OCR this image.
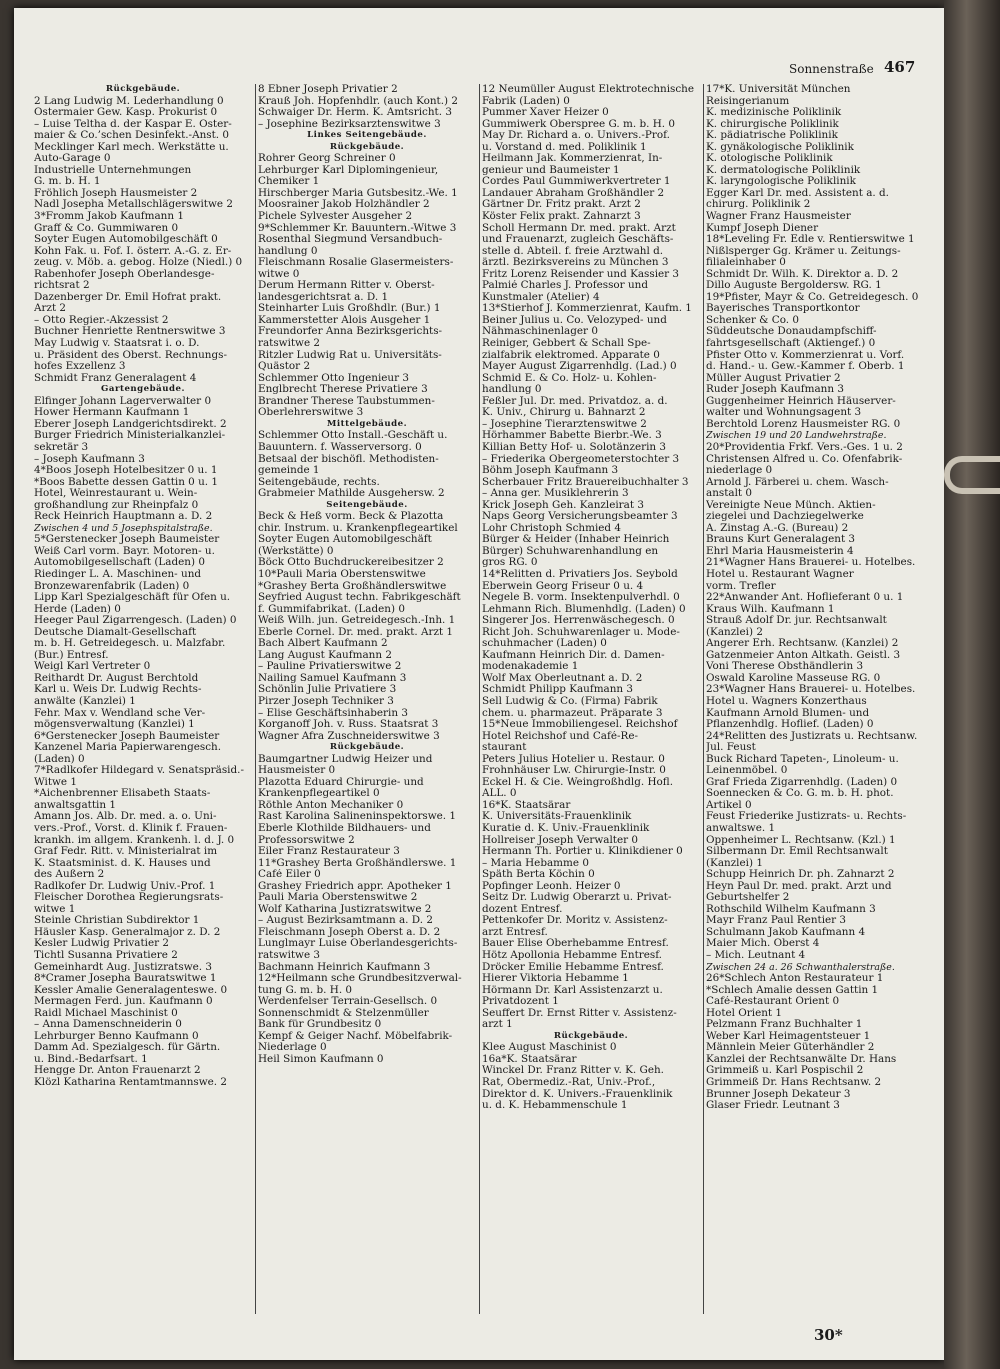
Sonnenstraße 467
Rückgebäude.
2 Lang Ludwig M. Lederhandlung 0
Ostermaier Gew. Kasp. Prokurist 0
– Luise Teltha d. der Kaspar E. Oster-
maier & Co.’schen Desinfekt.-Anst. 0
Mecklinger Karl mech. Werkstätte u.
Auto-Garage 0
Industrielle Unternehmungen
G. m. b. H. 1
Fröhlich Joseph Hausmeister 2
Nadl Josepha Metallschlägerswitwe 2
3*Fromm Jakob Kaufmann 1
Graff & Co. Gummiwaren 0
Soyter Eugen Automobilgeschäft 0
Kohn Fak. u. Fof. I. österr. A.-G. z. Er-
zeug. v. Möb. a. gebog. Holze (Niedl.) 0
Rabenhofer Joseph Oberlandesge-
richtsrat 2
Dazenberger Dr. Emil Hofrat prakt.
Arzt 2
– Otto Regier.-Akzessist 2
Buchner Henriette Rentnerswitwe 3
May Ludwig v. Staatsrat i. o. D.
u. Präsident des Oberst. Rechnungs-
hofes Exzellenz 3
Schmidt Franz Generalagent 4
Gartengebäude.
Elfinger Johann Lagerverwalter 0
Hower Hermann Kaufmann 1
Eberer Joseph Landgerichtsdirekt. 2
Burger Friedrich Ministerialkanzlei-
sekretär 3
– Joseph Kaufmann 3
4*Boos Joseph Hotelbesitzer 0 u. 1
*Boos Babette dessen Gattin 0 u. 1
Hotel, Weinrestaurant u. Wein-
großhandlung zur Rheinpfalz 0
Reck Heinrich Hauptmann a. D. 2
Zwischen 4 und 5 Josephspitalstraße.
5*Gerstenecker Joseph Baumeister
Weiß Carl vorm. Bayr. Motoren- u.
Automobilgesellschaft (Laden) 0
Riedinger L. A. Maschinen- und
Bronzewarenfabrik (Laden) 0
Lipp Karl Spezialgeschäft für Öfen u.
Herde (Laden) 0
Heeger Paul Zigarrengesch. (Laden) 0
Deutsche Diamalt-Gesellschaft
m. b. H. Getreidegesch. u. Malzfabr.
(Bur.) Entresf.
Weigl Karl Vertreter 0
Reithardt Dr. August Berchtold
Karl u. Weis Dr. Ludwig Rechts-
anwälte (Kanzlei) 1
Fehr. Max v. Wendland sche Ver-
mögensverwaltung (Kanzlei) 1
6*Gerstenecker Joseph Baumeister
Kanzenel Maria Papierwarengesch.
(Laden) 0
7*Radlkofer Hildegard v. Senatspräsid.-
Witwe 1
*Aichenbrenner Elisabeth Staats-
anwaltsgattin 1
Amann Jos. Alb. Dr. med. a. o. Uni-
vers.-Prof., Vorst. d. Klinik f. Frauen-
krankh. im allgem. Krankenh. l. d. J. 0
Graf Fedr. Ritt. v. Ministerialrat im
K. Staatsminist. d. K. Hauses und
des Äußern 2
Radlkofer Dr. Ludwig Univ.-Prof. 1
Fleischer Dorothea Regierungsrats-
witwe 1
Steinle Christian Subdirektor 1
Häusler Kasp. Generalmajor z. D. 2
Kesler Ludwig Privatier 2
Tichtl Susanna Privatiere 2
Gemeinhardt Aug. Justizratswe. 3
8*Cramer Josepha Bauratswitwe 1
Kessler Amalie Generalagenteswe. 0
Mermagen Ferd. jun. Kaufmann 0
Raidl Michael Maschinist 0
– Anna Damenschneiderin 0
Lehrburger Benno Kaufmann 0
Damm Ad. Spezialgesch. für Gärtn.
u. Bind.-Bedarfsart. 1
Hengge Dr. Anton Frauenarzt 2
Klözl Katharina Rentamtmannswe. 2
8 Ebner Joseph Privatier 2
Krauß Joh. Hopfenhdlr. (auch Kont.) 2
Schwaiger Dr. Herm. K. Amtsricht. 3
– Josephine Bezirksarztenswitwe 3
Linkes Seitengebäude.
Rückgebäude.
Rohrer Georg Schreiner 0
Lehrburger Karl Diplomingenieur,
Chemiker 1
Hirschberger Maria Gutsbesitz.-We. 1
Moosrainer Jakob Holzhändler 2
Pichele Sylvester Ausgeher 2
9*Schlemmer Kr. Bauuntern.-Witwe 3
Rosenthal Siegmund Versandbuch-
handlung 0
Fleischmann Rosalie Glasermeisters-
witwe 0
Derum Hermann Ritter v. Oberst-
landesgerichtsrat a. D. 1
Steinharter Luis Großhdlr. (Bur.) 1
Kammerstetter Alois Ausgeher 1
Freundorfer Anna Bezirksgerichts-
ratswitwe 2
Ritzler Ludwig Rat u. Universitäts-
Quästor 2
Schlemmer Otto Ingenieur 3
Englbrecht Therese Privatiere 3
Brandner Therese Taubstummen-
Oberlehrerswitwe 3
Mittelgebäude.
Schlemmer Otto Install.-Geschäft u.
Bauuntern. f. Wasserversorg. 0
Betsaal der bischöfl. Methodisten-
gemeinde 1
Seitengebäude, rechts.
Grabmeier Mathilde Ausgehersw. 2
Seitengebäude.
Beck & Heß vorm. Beck & Plazotta
chir. Instrum. u. Krankenpflegeartikel
Soyter Eugen Automobilgeschäft
(Werkstätte) 0
Böck Otto Buchdruckereibesitzer 2
10*Pauli Maria Oberstenswitwe
*Grashey Berta Großhändlerswitwe
Seyfried August techn. Fabrikgeschäft
f. Gummifabrikat. (Laden) 0
Weiß Wilh. jun. Getreidegesch.-Inh. 1
Eberle Cornel. Dr. med. prakt. Arzt 1
Bach Albert Kaufmann 2
Lang August Kaufmann 2
– Pauline Privatierswitwe 2
Nailing Samuel Kaufmann 3
Schönlin Julie Privatiere 3
Pirzer Joseph Techniker 3
– Elise Geschäftsinhaberin 3
Korganoff Joh. v. Russ. Staatsrat 3
Wagner Afra Zuschneiderswitwe 3
Rückgebäude.
Baumgartner Ludwig Heizer und
Hausmeister 0
Plazotta Eduard Chirurgie- und
Krankenpflegeartikel 0
Röthle Anton Mechaniker 0
Rast Karolina Salineninspektorswe. 1
Eberle Klothilde Bildhauers- und
Professorswitwe 2
Eiler Franz Restaurateur 3
11*Grashey Berta Großhändlerswe. 1
Café Eiler 0
Grashey Friedrich appr. Apotheker 1
Pauli Maria Oberstenswitwe 2
Wolf Katharina Justizratswitwe 2
– August Bezirksamtmann a. D. 2
Fleischmann Joseph Oberst a. D. 2
Lunglmayr Luise Oberlandesgerichts-
ratswitwe 3
Bachmann Heinrich Kaufmann 3
12*Heilmann sche Grundbesitzverwal-
tung G. m. b. H. 0
Werdenfelser Terrain-Gesellsch. 0
Sonnenschmidt & Stelzenmüller
Bank für Grundbesitz 0
Kempf & Geiger Nachf. Möbelfabrik-
Niederlage 0
Heil Simon Kaufmann 0
12 Neumüller August Elektrotechnische
Fabrik (Laden) 0
Pummer Xaver Heizer 0
Gummiwerk Oberspree G. m. b. H. 0
May Dr. Richard a. o. Univers.-Prof.
u. Vorstand d. med. Poliklinik 1
Heilmann Jak. Kommerzienrat, In-
genieur und Baumeister 1
Cordes Paul Gummiwerkvertreter 1
Landauer Abraham Großhändler 2
Gärtner Dr. Fritz prakt. Arzt 2
Köster Felix prakt. Zahnarzt 3
Scholl Hermann Dr. med. prakt. Arzt
und Frauenarzt, zugleich Geschäfts-
stelle d. Abteil. f. freie Arztwahl d.
ärztl. Bezirksvereins zu München 3
Fritz Lorenz Reisender und Kassier 3
Palmié Charles J. Professor und
Kunstmaler (Atelier) 4
13*Stierhof J. Kommerzienrat, Kaufm. 1
Beiner Julius u. Co. Velozyped- und
Nähmaschinenlager 0
Reiniger, Gebbert & Schall Spe-
zialfabrik elektromed. Apparate 0
Mayer August Zigarrenhdlg. (Lad.) 0
Schmid E. & Co. Holz- u. Kohlen-
handlung 0
Feßler Jul. Dr. med. Privatdoz. a. d.
K. Univ., Chirurg u. Bahnarzt 2
– Josephine Tierarztenswitwe 2
Hörhammer Babette Bierbr.-We. 3
Killian Betty Hof- u. Solotänzerin 3
– Friederika Obergeometerstochter 3
Böhm Joseph Kaufmann 3
Scherbauer Fritz Brauereibuchhalter 3
– Anna ger. Musiklehrerin 3
Krick Joseph Geh. Kanzleirat 3
Naps Georg Versicherungsbeamter 3
Lohr Christoph Schmied 4
Bürger & Heider (Inhaber Heinrich
Bürger) Schuhwarenhandlung en
gros RG. 0
14*Relitten d. Privatiers Jos. Seybold
Eberwein Georg Friseur 0 u. 4
Negele B. vorm. Insektenpulverhdl. 0
Lehmann Rich. Blumenhdlg. (Laden) 0
Singerer Jos. Herrenwäschegesch. 0
Richt Joh. Schuhwarenlager u. Mode-
schuhmacher (Laden) 0
Kaufmann Heinrich Dir. d. Damen-
modenakademie 1
Wolf Max Oberleutnant a. D. 2
Schmidt Philipp Kaufmann 3
Sell Ludwig & Co. (Firma) Fabrik
chem. u. pharmazeut. Präparate 3
15*Neue Immobiliengesel. Reichshof
Hotel Reichshof und Café-Re-
staurant
Peters Julius Hotelier u. Restaur. 0
Frohnhäuser Lw. Chirurgie-Instr. 0
Eckel H. & Cie. Weingroßhdlg. Hofl.
ALL. 0
16*K. Staatsärar
K. Universitäts-Frauenklinik
Kuratie d. K. Univ.-Frauenklinik
Hollreiser Joseph Verwalter 0
Hermann Th. Portier u. Klinikdiener 0
– Maria Hebamme 0
Späth Berta Köchin 0
Popfinger Leonh. Heizer 0
Seitz Dr. Ludwig Oberarzt u. Privat-
dozent Entresf.
Pettenkofer Dr. Moritz v. Assistenz-
arzt Entresf.
Bauer Elise Oberhebamme Entresf.
Hötz Apollonia Hebamme Entresf.
Dröcker Emilie Hebamme Entresf.
Hierer Viktoria Hebamme 1
Hörmann Dr. Karl Assistenzarzt u.
Privatdozent 1
Seuffert Dr. Ernst Ritter v. Assistenz-
arzt 1
Rückgebäude.
Klee August Maschinist 0
16a*K. Staatsärar
Winckel Dr. Franz Ritter v. K. Geh.
Rat, Obermediz.-Rat, Univ.-Prof.,
Direktor d. K. Univers.-Frauenklinik
u. d. K. Hebammenschule 1
17*K. Universität München
Reisingerianum
K. medizinische Poliklinik
K. chirurgische Poliklinik
K. pädiatrische Poliklinik
K. gynäkologische Poliklinik
K. otologische Poliklinik
K. dermatologische Poliklinik
K. laryngologische Poliklinik
Egger Karl Dr. med. Assistent a. d.
chirurg. Poliklinik 2
Wagner Franz Hausmeister
Kumpf Joseph Diener
18*Leveling Fr. Edle v. Rentierswitwe 1
Nißlsperger Gg. Krämer u. Zeitungs-
filialeinhaber 0
Schmidt Dr. Wilh. K. Direktor a. D. 2
Dillo Auguste Bergoldersw. RG. 1
19*Pfister, Mayr & Co. Getreidegesch. 0
Bayerisches Transportkontor
Schenker & Co. 0
Süddeutsche Donaudampfschiff-
fahrtsgesellschaft (Aktiengef.) 0
Pfister Otto v. Kommerzienrat u. Vorf.
d. Hand.- u. Gew.-Kammer f. Oberb. 1
Müller August Privatier 2
Ruder Joseph Kaufmann 3
Guggenheimer Heinrich Häuserver-
walter und Wohnungsagent 3
Berchtold Lorenz Hausmeister RG. 0
Zwischen 19 und 20 Landwehrstraße.
20*Providentia Frkf. Vers.-Ges. 1 u. 2
Christensen Alfred u. Co. Ofenfabrik-
niederlage 0
Arnold J. Färberei u. chem. Wasch-
anstalt 0
Vereinigte Neue Münch. Aktien-
ziegelei und Dachziegelwerke
A. Zinstag A.-G. (Bureau) 2
Brauns Kurt Generalagent 3
Ehrl Maria Hausmeisterin 4
21*Wagner Hans Brauerei- u. Hotelbes.
Hotel u. Restaurant Wagner
vorm. Trefler
22*Anwander Ant. Hoflieferant 0 u. 1
Kraus Wilh. Kaufmann 1
Strauß Adolf Dr. jur. Rechtsanwalt
(Kanzlei) 2
Angerer Erh. Rechtsanw. (Kanzlei) 2
Gatzenmeier Anton Altkath. Geistl. 3
Voni Therese Obsthändlerin 3
Oswald Karoline Masseuse RG. 0
23*Wagner Hans Brauerei- u. Hotelbes.
Hotel u. Wagners Konzerthaus
Kaufmann Arnold Blumen- und
Pflanzenhdlg. Hoflief. (Laden) 0
24*Relitten des Justizrats u. Rechtsanw.
Jul. Feust
Buck Richard Tapeten-, Linoleum- u.
Leinenmöbel. 0
Graf Frieda Zigarrenhdlg. (Laden) 0
Soennecken & Co. G. m. b. H. phot.
Artikel 0
Feust Friederike Justizrats- u. Rechts-
anwaltswe. 1
Oppenheimer L. Rechtsanw. (Kzl.) 1
Silbermann Dr. Emil Rechtsanwalt
(Kanzlei) 1
Schupp Heinrich Dr. ph. Zahnarzt 2
Heyn Paul Dr. med. prakt. Arzt und
Geburtshelfer 2
Rothschild Wilhelm Kaufmann 3
Mayr Franz Paul Rentier 3
Schulmann Jakob Kaufmann 4
Maier Mich. Oberst 4
– Mich. Leutnant 4
Zwischen 24 a. 26 Schwanthalerstraße.
26*Schlech Anton Restaurateur 1
*Schlech Amalie dessen Gattin 1
Café-Restaurant Orient 0
Hotel Orient 1
Pelzmann Franz Buchhalter 1
Weber Karl Heimagentsteuer 1
Männlein Meier Güterhändler 2
Kanzlei der Rechtsanwälte Dr. Hans
Grimmeiß u. Karl Pospischil 2
Grimmeiß Dr. Hans Rechtsanw. 2
Brunner Joseph Dekateur 3
Glaser Friedr. Leutnant 3
30*
